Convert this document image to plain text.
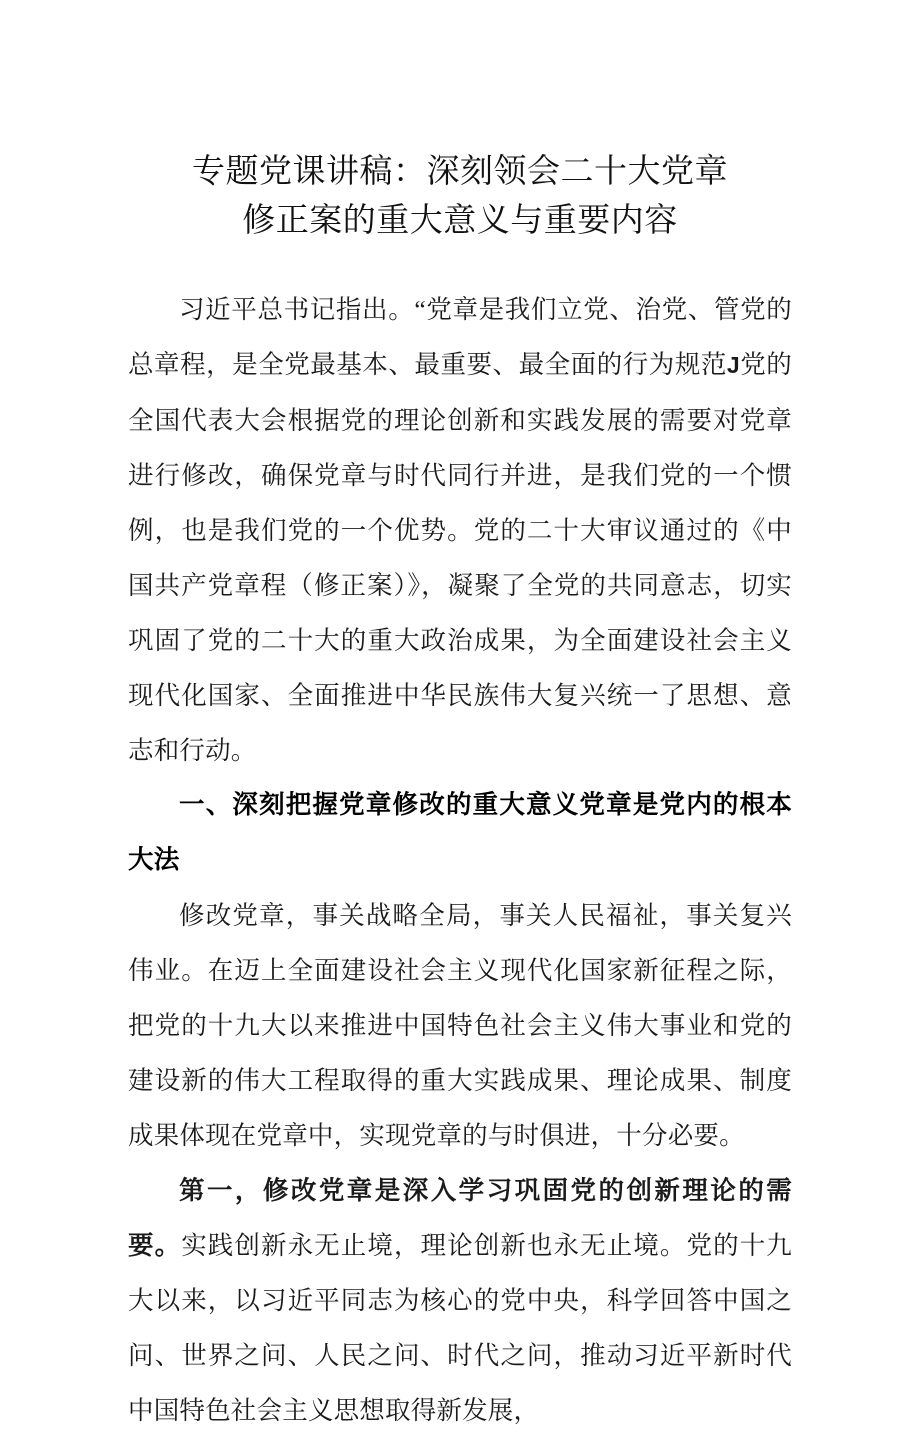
专题党课讲稿：深刻领会二十大党章
修正案的重大意义与重要内容

习近平总书记指出。“党章是我们立党、治党、管党的总章程，是全党最基本、最重要、最全面的行为规范J党的全国代表大会根据党的理论创新和实践发展的需要对党章进行修改，确保党章与时代同行并进，是我们党的一个惯例，也是我们党的一个优势。党的二十大审议通过的《中国共产党章程（修正案）》，凝聚了全党的共同意志，切实巩固了党的二十大的重大政治成果，为全面建设社会主义现代化国家、全面推进中华民族伟大复兴统一了思想、意志和行动。

一、深刻把握党章修改的重大意义党章是党内的根本大法

修改党章，事关战略全局，事关人民福祉，事关复兴伟业。在迈上全面建设社会主义现代化国家新征程之际，把党的十九大以来推进中国特色社会主义伟大事业和党的建设新的伟大工程取得的重大实践成果、理论成果、制度成果体现在党章中，实现党章的与时俱进，十分必要。

第一，修改党章是深入学习巩固党的创新理论的需要。实践创新永无止境，理论创新也永无止境。党的十九大以来，以习近平同志为核心的党中央，科学回答中国之问、世界之问、人民之问、时代之问，推动习近平新时代中国特色社会主义思想取得新发展，
